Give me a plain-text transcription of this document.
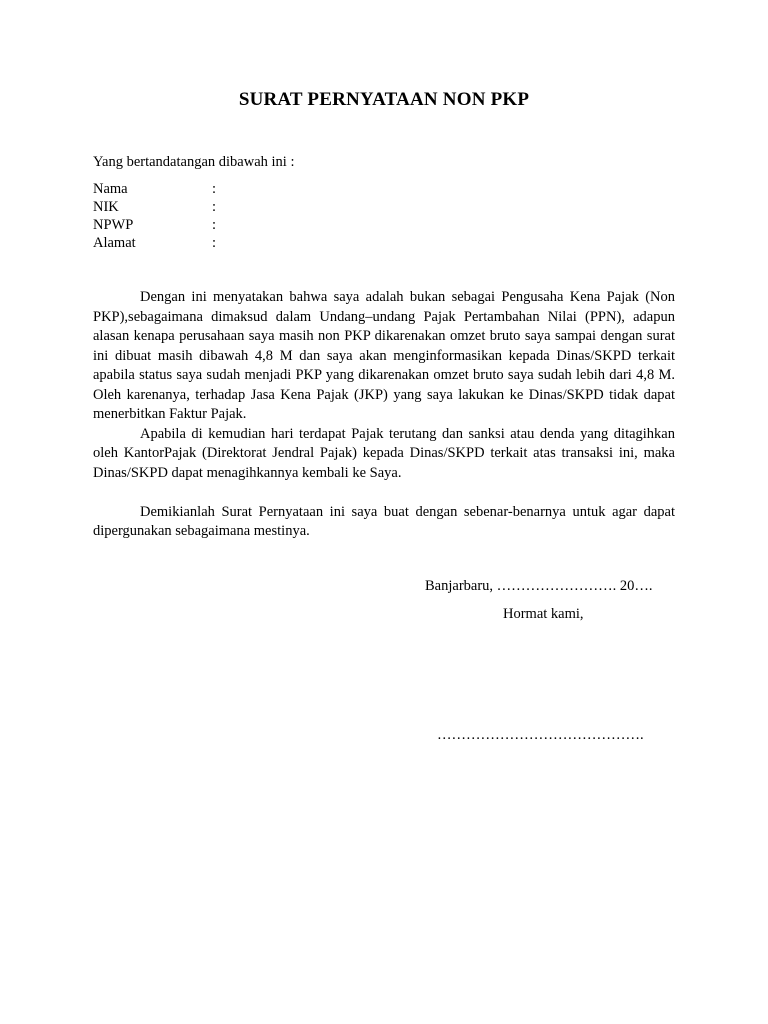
SURAT PERNYATAAN NON PKP
Yang bertandatangan dibawah ini :
Nama	:
NIK	:
NPWP	:
Alamat	:

Dengan ini menyatakan bahwa saya adalah bukan sebagai Pengusaha Kena Pajak (Non PKP),sebagaimana dimaksud dalam Undang–undang Pajak Pertambahan Nilai (PPN), adapun alasan kenapa perusahaan saya masih non PKP dikarenakan omzet bruto saya sampai dengan surat ini dibuat masih dibawah 4,8 M dan saya akan menginformasikan kepada Dinas/SKPD terkait apabila status saya sudah menjadi PKP yang dikarenakan omzet bruto saya sudah lebih dari 4,8 M. Oleh karenanya, terhadap Jasa Kena Pajak (JKP) yang saya lakukan ke Dinas/SKPD tidak dapat menerbitkan Faktur Pajak.

Apabila di kemudian hari terdapat Pajak terutang dan sanksi atau denda yang ditagihkan oleh KantorPajak (Direktorat Jendral Pajak) kepada Dinas/SKPD terkait atas transaksi ini, maka Dinas/SKPD dapat menagihkannya kembali ke Saya.

Demikianlah Surat Pernyataan ini saya buat dengan sebenar-benarnya untuk agar dapat dipergunakan sebagaimana mestinya.

Banjarbaru, ……………………. 20….
Hormat kami,
…………………………………….
